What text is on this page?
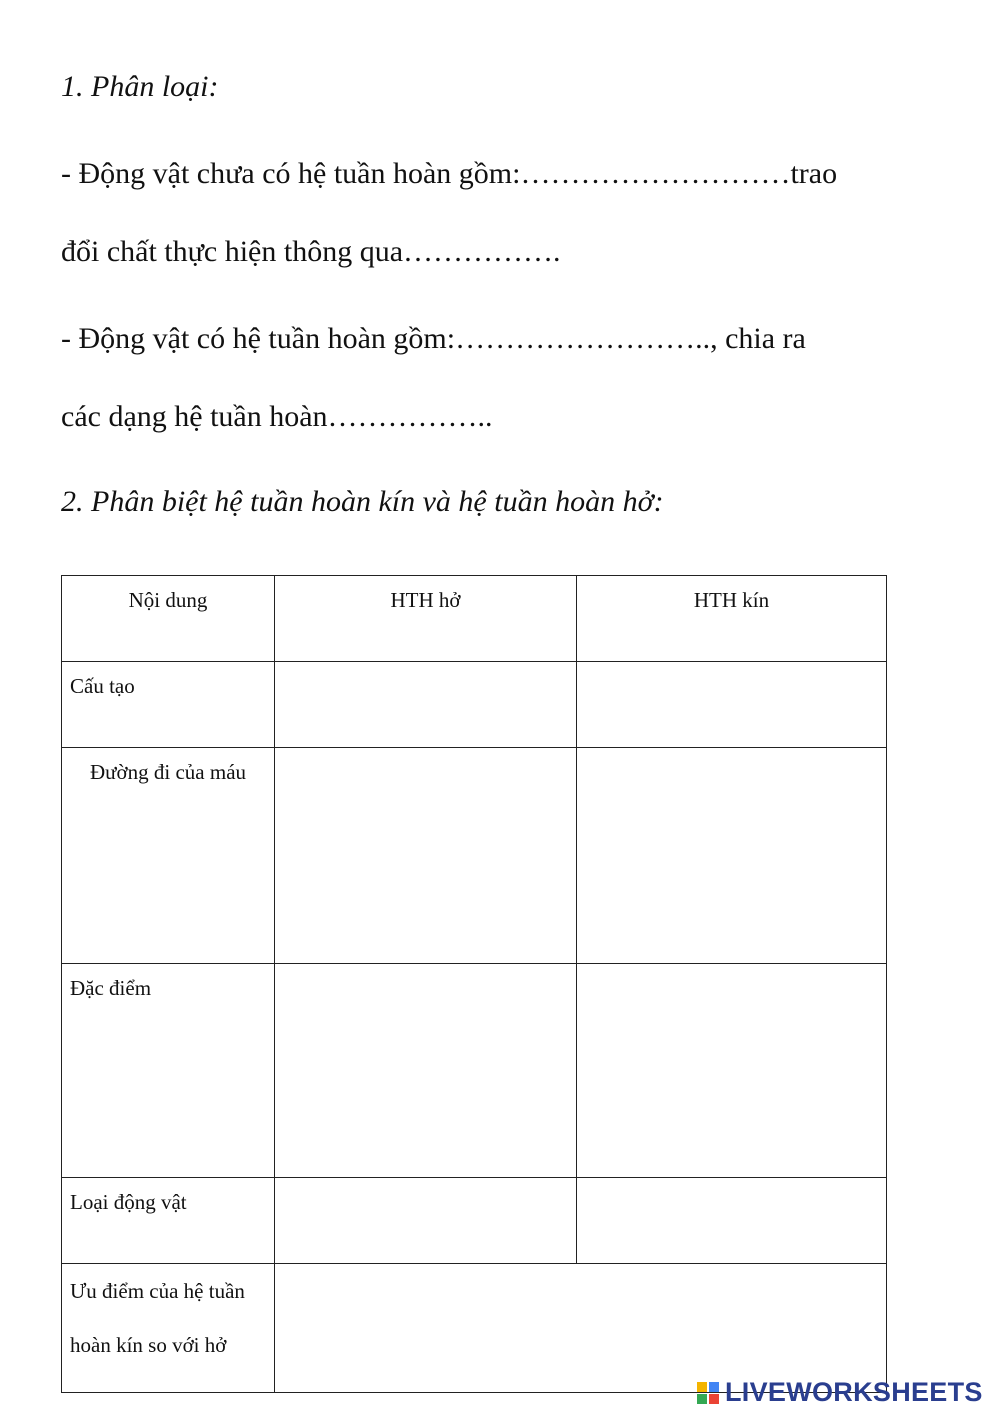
1. Phân loại:
- Động vật chưa có hệ tuần hoàn gồm:………………………trao
đổi chất thực hiện thông qua…………….
- Động vật có hệ tuần hoàn gồm:…………………….., chia ra
các dạng hệ tuần hoàn……………..
2. Phân biệt hệ tuần hoàn kín và hệ tuần hoàn hở:
Nội dung	HTH hở	HTH kín
Cấu tạo		
Đường đi của máu		
Đặc điểm		
Loại động vật		
Ưu điểm của hệ tuần
hoàn kín so với hở		
LIVEWORKSHEETS
